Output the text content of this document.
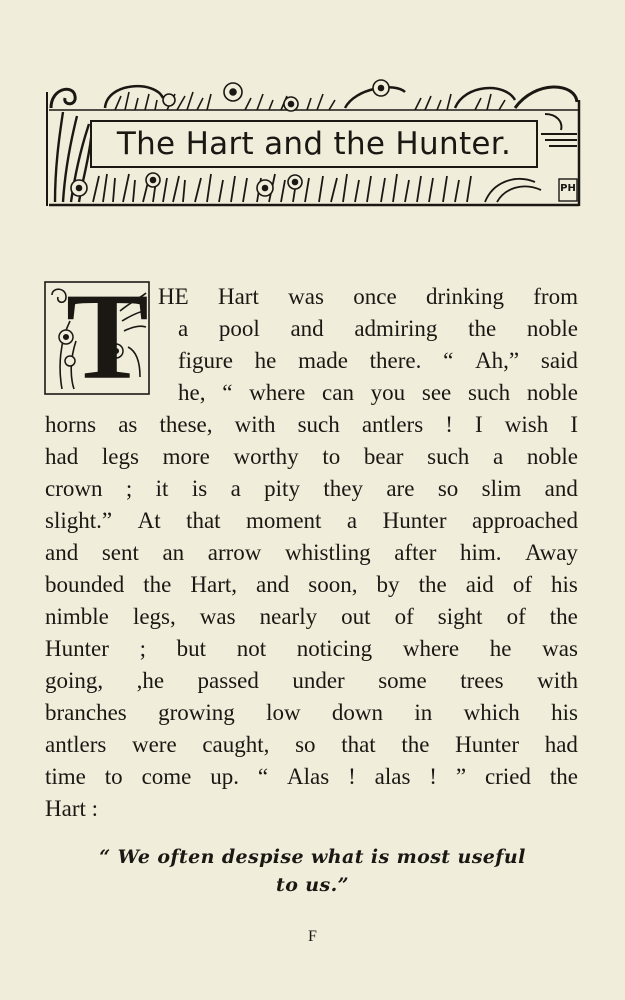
PH
The Hart and the Hunter.
T HE Hart was once drinking from
a pool and admiring the noble
figure he made there. “ Ah,” said
he, “ where can you see such noble
horns as these, with such antlers ! I wish I
had legs more worthy to bear such a noble
crown ; it is a pity they are so slim and
slight.” At that moment a Hunter approached
and sent an arrow whistling after him. Away
bounded the Hart, and soon, by the aid of his
nimble legs, was nearly out of sight of the
Hunter ; but not noticing where he was
going, ,he passed under some trees with
branches growing low down in which his
antlers were caught, so that the Hunter had
time to come up. “ Alas ! alas ! ” cried the
Hart :
“ We often despise what is most useful
to us.”
F
